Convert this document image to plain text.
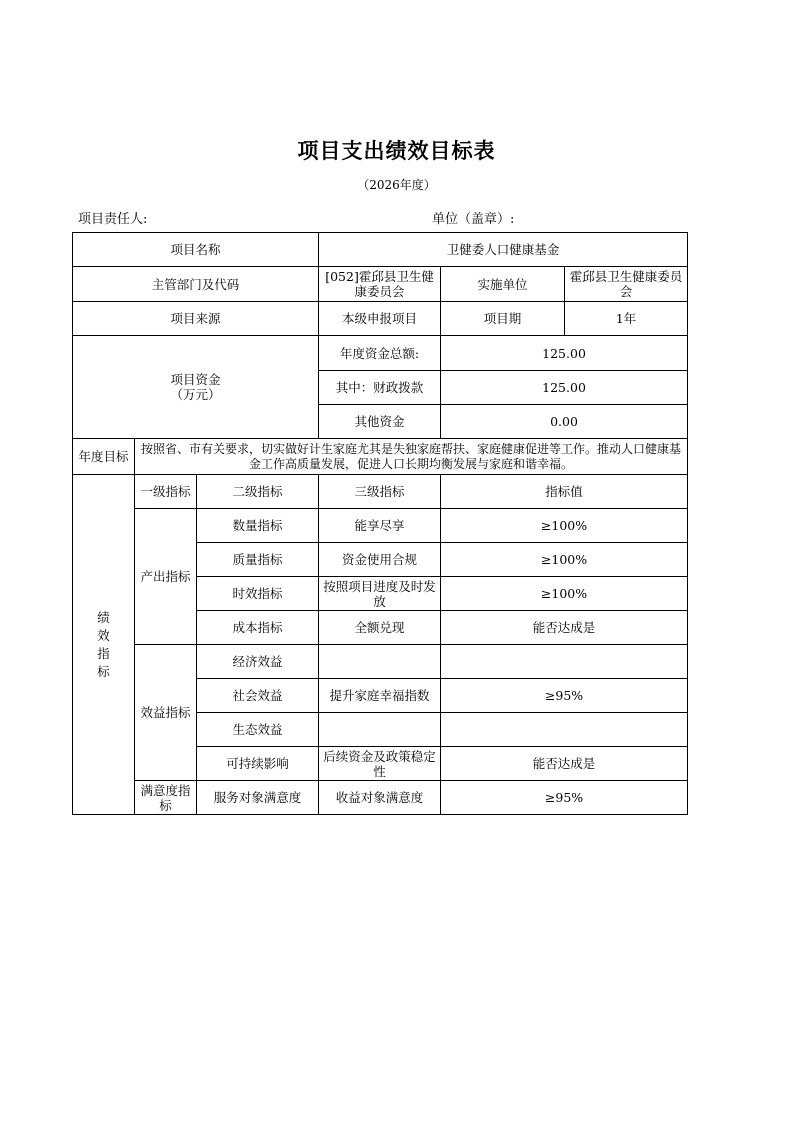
项目支出绩效目标表
（2026年度）
项目责任人:	单位（盖章）:
项目名称			卫健委人口健康基金		
主管部门及代码			[052]霍邱县卫生健康委员会	实施单位	霍邱县卫生健康委员会
项目来源			本级申报项目	项目期	1年

项目资金
（万元）			年度资金总额:	125.00	
			其中：财政拨款	125.00	
			其他资金	0.00	
年度目标	按照省、市有关要求，切实做好计生家庭尤其是失独家庭帮扶、家庭健康促进等工作。推动人口健康基金工作高质量发展，促进人口长期均衡发展与家庭和谐幸福。				

绩效指标	一级指标	二级指标	三级指标	指标值	
	产出指标	数量指标	能享尽享	≥100%	
		质量指标	资金使用合规	≥100%	
		时效指标	按照项目进度及时发放	≥100%	
		成本指标	全额兑现	能否达成是	
	效益指标	经济效益			
		社会效益	提升家庭幸福指数	≥95%	
		生态效益			
		可持续影响	后续资金及政策稳定性	能否达成是	
	满意度指标	服务对象满意度	收益对象满意度	≥95%	
